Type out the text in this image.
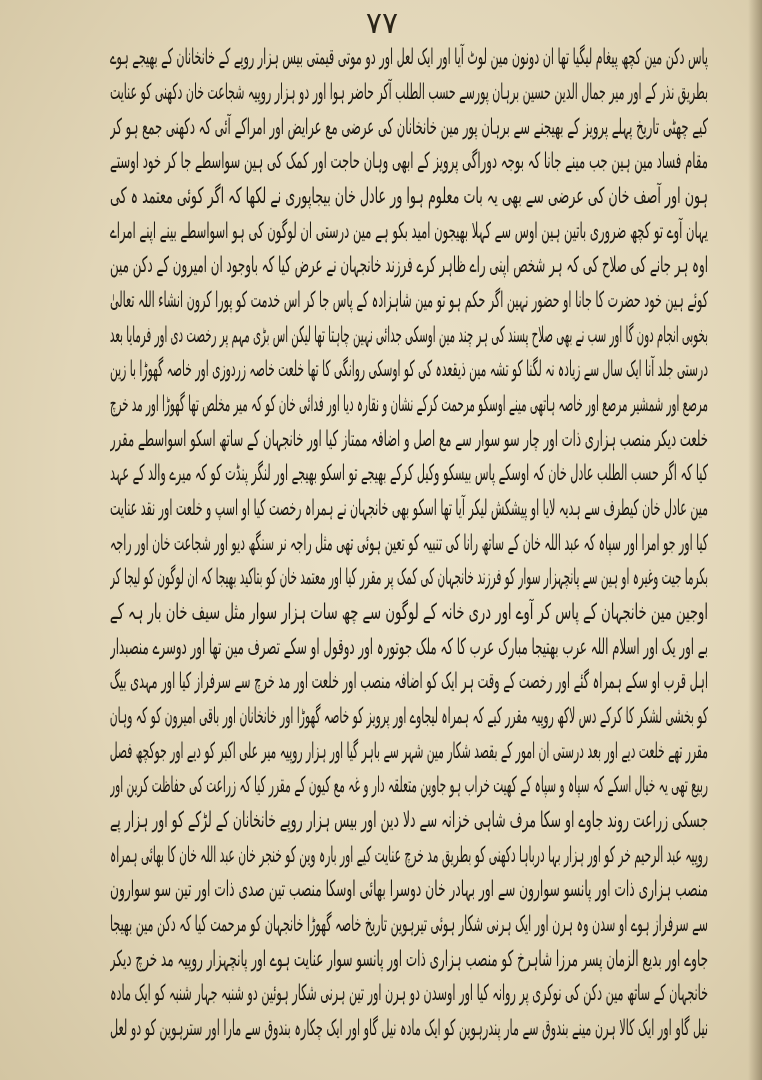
۷۷
پاس دکن مین کچھ پیغام لیگیا تھا ان دونون مین لوٹ آیا اور ایک لعل اور دو موتی قیمتی بیس ہزار روپے کے خانخانان کے بھیجے ہوے
بطریق نذر کے اور میر جمال الدین حسین برہان پورسے حسب الطلب آکر حاضر ہوا اور دو ہزار روپیہ شجاعت خان دکھنی کو عنایت
کیے چھٹی تاریخ پہلے پرویز کے بھیجنے سے برہان پور مین خانخانان کی عرضی مع عرایض اور امراکے آئی کہ دکھنی جمع ہو کر
مقام فساد مین ہین جب مینے جانا کہ بوجہ دوراگی پرویز کے ابھی وہان حاجت اور کمک کی ہین سواسطے جا کر خود اوستے
ہون اور آصف خان کی عرضی سے بھی یہ بات معلوم ہوا ور عادل خان بیجاپوری نے لکھا کہ اگر کوئی معتمد ہ کی
یہان آوے تو کچھ ضروری باتین ہین اوس سے کہلا بھیجون امید بکو ہے مین درستی ان لوگون کی ہو اسواسطے بینے اپنے امراے
اوہ ہر جانے کی صلاح کی کہ ہر شخص اپنی راے ظاہر کرے فرزند خانجہان نے عرض کیا کہ باوجود ان امیرون کے دکن مین
کوئے ہین خود حضرت کا جانا او حضور نہین اگر حکم ہو تو مین شاہزادہ کے پاس جا کر اس خدمت کو پورا کرون انشاء اللہ تعالیٰ
بخوبی انجام دون گا اور سب نے بھی صلاح پسند کی ہر چند مین اوسکی جدائی نہین چاہتا تھا لیکن اس بڑی مہم پر رخصت دی اور فرمایا بعد
درستی جلد آنا ایک سال سے زیادہ نہ لگنا کو تشہ مین ذیقعدہ کی کو اوسکی روانگی کا تھا خلعت خاصہ زردوزی اور خاصہ گھوڑا با زین
مرصع اور شمشیر مرصع اور خاصہ ہاتھی مینے اوسکو مرحمت کرکے نشان و نقارہ دیا اور فدائی خان کو کہ میر مخلص تھا گھوڑا اور مد خرچ
خلعت دیکر منصب ہزاری ذات اور چار سو سوار سے مع اصل و اضافہ ممتاز کیا اور خانجہان کے ساتھ اسکو اسواسطے مقرر
کیا کہ اگر حسب الطلب عادل خان کہ اوسکے پاس بیسکو وکیل کرکے بھیجے تو اسکو بھیجے اور لنگر پنڈت کو کہ میرے والد کے عہد
مین عادل خان کیطرف سے ہدیہ لایا او پیشکش لیکر آیا تھا اسکو بھی خانجہان نے ہمراہ رخصت کیا او اسپ و خلعت اور نقد عنایت
کیا اور جو امرا اور سپاہ کہ عبد اللہ خان کے ساتھ رانا کی تنبیہ کو تعین ہوئی تھی مثل راجہ نر سنگھ دیو اور شجاعت خان اور راجہ
بکرما جیت وغیرہ او ہین سے پانچہزار سوار کو فرزند خانجہان کی کمک پر مقرر کیا اور معتمد خان کو بتاکید بھیجا کہ ان لوگون کو لیجا کر
اوجین مین خانجہان کے پاس کر آوے اور دری خانہ کے لوگون سے چھ سات ہزار سوار مثل سیف خان بار ہہ کے
بے اور یک اور اسلام اللہ عرب بھتیجا مبارک عرب کا کہ ملک جوتورہ اور دوقول او سکے تصرف مین تھا اور دوسرے منصبدار
اہل قرب او سکے ہمراہ گئے اور رخصت کے وقت ہر ایک کو اضافہ منصب اور خلعت اور مد خرچ سے سرفراز کیا اور مہدی بیگ
کو بخشی لشکر کا کرکے دس لاکھ روپیہ مقرر کیے کہ ہمراہ لیجاوے اور پرویز کو خاصہ گھوڑا اور خانخانان اور باقی امیرون کو کہ وہان
مقرر تھے خلعت دیے اور بعد درستی ان امور کے بقصد شکار مین شہر سے باہر گیا اور ہزار روپیہ میر علی اکبر کو دیے اور جوکچھ فصل
ربیع تھی یہ خیال اسکے کہ سپاہ و سپاہ کے کھیت خراب ہو جاوین متعلقہ دار و غہ مع کیون کے مقرر کیا کہ زراعت کی حفاظت کرین اور
جسکی زراعت روند جاوے او سکا مرف شاہی خزانہ سے دلا دین اور بیس ہزار روپے خانخانان کے لڑکے کو اور ہزار پے
روپیہ عبد الرحیم خر کو اور ہزار بہا درباہا دکھنی کو بطریق مد خرچ عنایت کیے اور بارہ وین کو خنجر خان عبد اللہ خان کا بھائی ہمراہ
منصب ہزاری ذات اور پانسو سوارون سے اور بہادر خان دوسرا بھائی اوسکا منصب تین صدی ذات اور تین سو سوارون
سے سرفراز ہوے او سدن وہ ہرن اور ایک ہرنی شکار ہوئی تیرہوین تاریخ خاصہ گھوڑا خانجہان کو مرحمت کیا کہ دکن مین بھیجا
جاوے اور بدیع الزمان پسر مرزا شاہرخ کو منصب ہزاری ذات اور پانسو سوار عنایت ہوے اور پانچہزار روپیہ مد خرچ دیکر
خانجہان کے ساتھ مین دکن کی نوکری پر روانہ کیا اور اوسدن دو ہرن اور تین ہرنی شکار ہوئین دو شنبہ جہار شنبہ کو ایک مادہ
نیل گاو اور ایک کالا ہرن مینے بندوق سے مار پندرہوین کو ایک مادہ نیل گاو اور ایک چکارہ بندوق سے مارا اور سترہوین کو دو لعل
